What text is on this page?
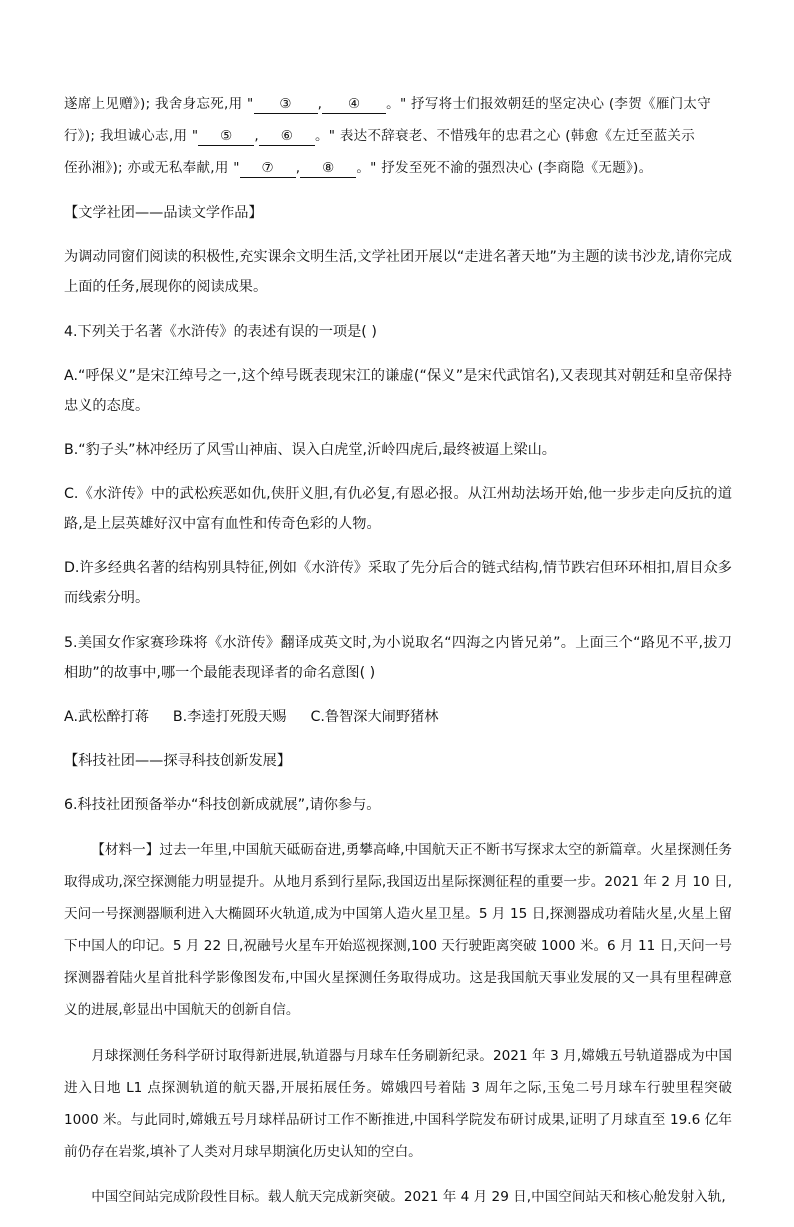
遂席上见赠》); 我舍身忘死,用 " ③ , ④ 。" 抒写将士们报效朝廷的坚定决心 (李贺《雁门太守

行》); 我坦诚心志,用 " ⑤ , ⑥ 。" 表达不辞衰老、不惜残年的忠君之心 (韩愈《左迁至蓝关示

侄孙湘》); 亦或无私奉献,用 " ⑦ , ⑧ 。" 抒发至死不渝的强烈决心 (李商隐《无题》)。

【文学社团——品读文学作品】

为调动同窗们阅读的积极性,充实课余文明生活,文学社团开展以“走进名著天地”为主题的读书沙龙,请你完成上面的任务,展现你的阅读成果。

4.下列关于名著《水浒传》的表述有误的一项是( )

A.“呼保义”是宋江绰号之一,这个绰号既表现宋江的谦虚(“保义”是宋代武馆名),又表现其对朝廷和皇帝保持忠义的态度。

B.“豹子头”林冲经历了风雪山神庙、误入白虎堂,沂岭四虎后,最终被逼上梁山。

C.《水浒传》中的武松疾恶如仇,侠肝义胆,有仇必复,有恩必报。从江州劫法场开始,他一步步走向反抗的道路,是上层英雄好汉中富有血性和传奇色彩的人物。

D.许多经典名著的结构别具特征,例如《水浒传》采取了先分后合的链式结构,情节跌宕但环环相扣,眉目众多而线索分明。

5.美国女作家赛珍珠将《水浒传》翻译成英文时,为小说取名“四海之内皆兄弟”。上面三个“路见不平,拔刀相助”的故事中,哪一个最能表现译者的命名意图( )

A.武松醉打蒋 B.李逵打死殷天赐 C.鲁智深大闹野猪林

【科技社团——探寻科技创新发展】

6.科技社团预备举办“科技创新成就展”,请你参与。

【材料一】过去一年里,中国航天砥砺奋进,勇攀高峰,中国航天正不断书写探求太空的新篇章。火星探测任务取得成功,深空探测能力明显提升。从地月系到行星际,我国迈出星际探测征程的重要一步。2021 年 2 月 10 日,天问一号探测器顺利进入大椭圆环火轨道,成为中国第人造火星卫星。5 月 15 日,探测器成功着陆火星,火星上留下中国人的印记。5 月 22 日,祝融号火星车开始巡视探测,100 天行驶距离突破 1000 米。6 月 11 日,天问一号探测器着陆火星首批科学影像图发布,中国火星探测任务取得成功。这是我国航天事业发展的又一具有里程碑意义的进展,彰显出中国航天的创新自信。

月球探测任务科学研讨取得新进展,轨道器与月球车任务刷新纪录。2021 年 3 月,嫦娥五号轨道器成为中国进入日地 L1 点探测轨道的航天器,开展拓展任务。嫦娥四号着陆 3 周年之际,玉兔二号月球车行驶里程突破 1000 米。与此同时,嫦娥五号月球样品研讨工作不断推进,中国科学院发布研讨成果,证明了月球直至 19.6 亿年前仍存在岩浆,填补了人类对月球早期演化历史认知的空白。

中国空间站完成阶段性目标。载人航天完成新突破。2021 年 4 月 29 日,中国空间站天和核心舱发射入轨,
